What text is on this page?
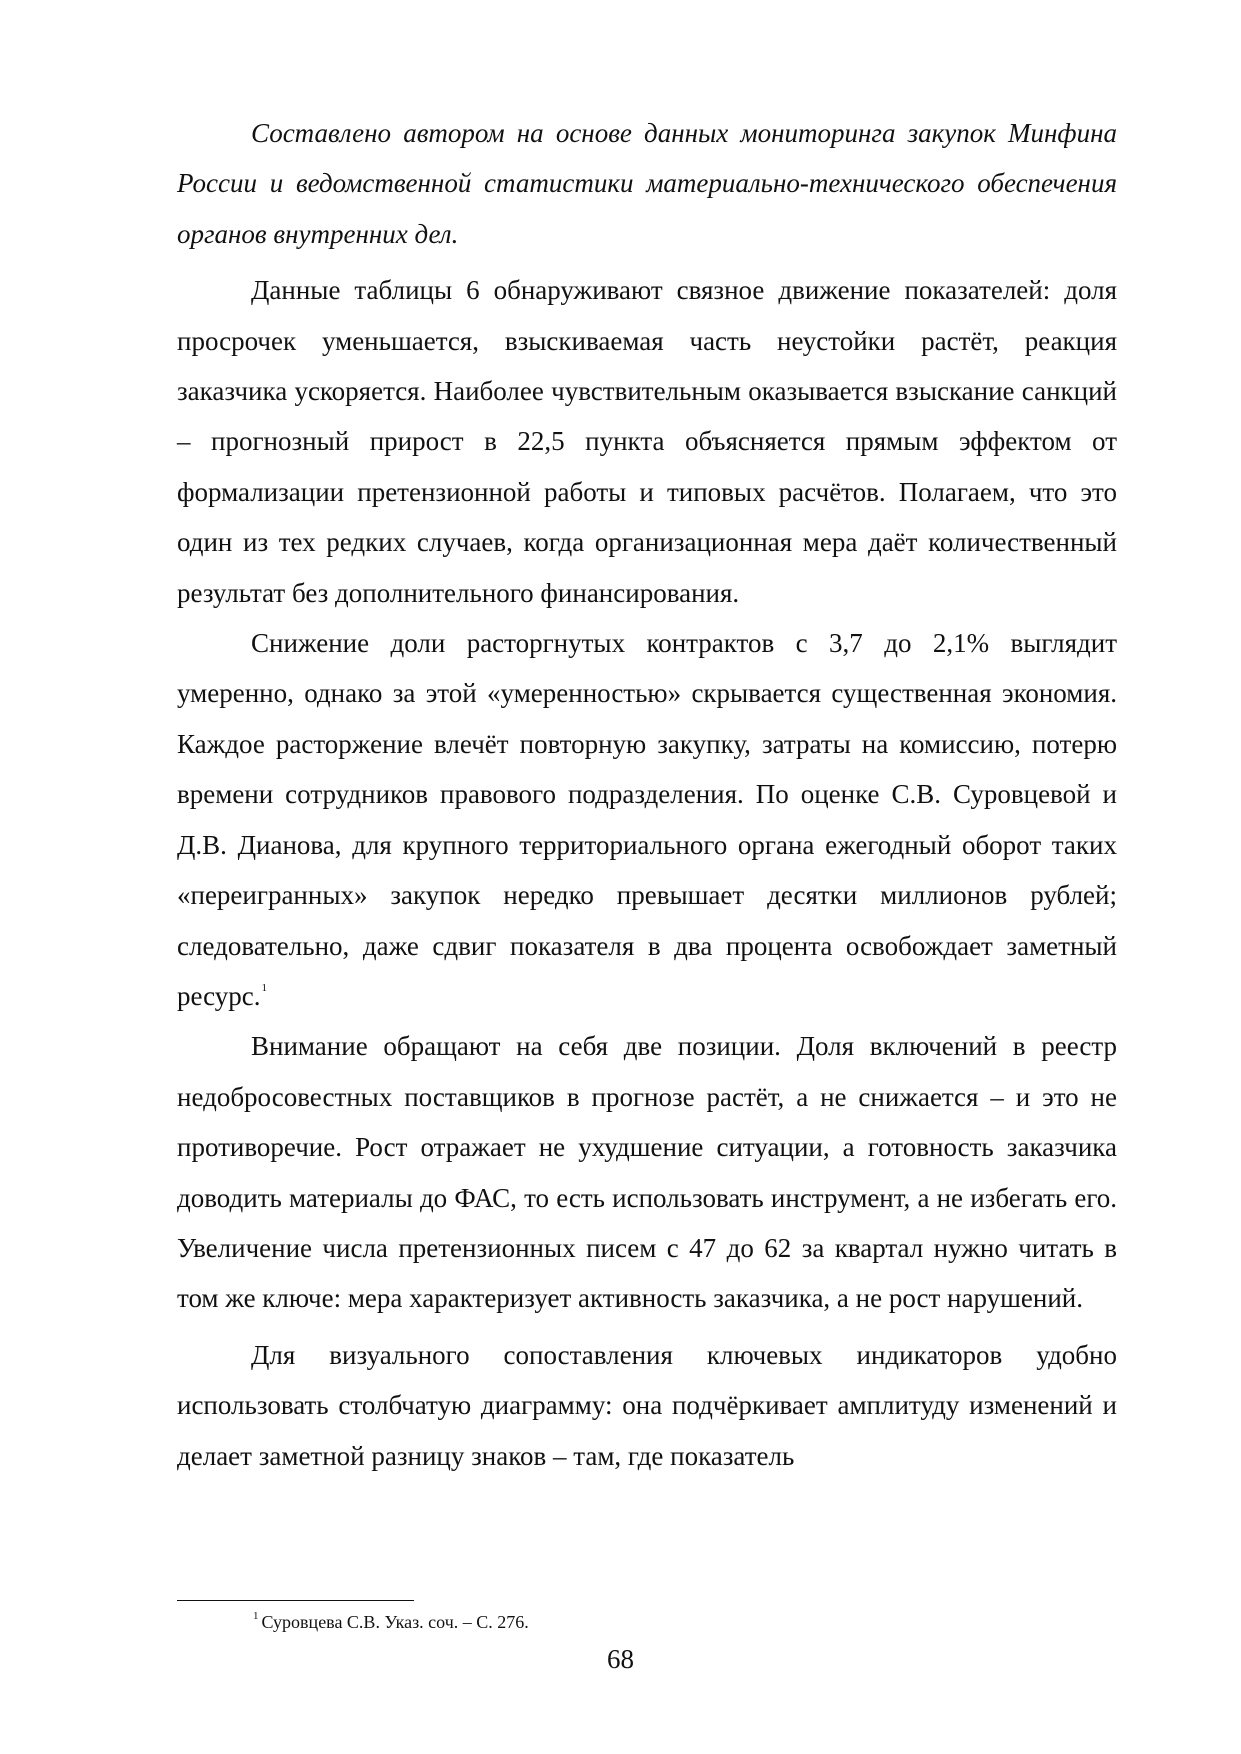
Составлено автором на основе данных мониторинга закупок Минфина России и ведомственной статистики материально-технического обеспечения органов внутренних дел.

Данные таблицы 6 обнаруживают связное движение показателей: доля просрочек уменьшается, взыскиваемая часть неустойки растёт, реакция заказчика ускоряется. Наиболее чувствительным оказывается взыскание санкций – прогнозный прирост в 22,5 пункта объясняется прямым эффектом от формализации претензионной работы и типовых расчётов. Полагаем, что это один из тех редких случаев, когда организационная мера даёт количественный результат без дополнительного финансирования.

Снижение доли расторгнутых контрактов с 3,7 до 2,1% выглядит умеренно, однако за этой «умеренностью» скрывается существенная экономия. Каждое расторжение влечёт повторную закупку, затраты на комиссию, потерю времени сотрудников правового подразделения. По оценке С.В. Суровцевой и Д.В. Дианова, для крупного территориального органа ежегодный оборот таких «переигранных» закупок нередко превышает десятки миллионов рублей; следовательно, даже сдвиг показателя в два процента освобождает заметный ресурс.$^1$

Внимание обращают на себя две позиции. Доля включений в реестр недобросовестных поставщиков в прогнозе растёт, а не снижается – и это не противоречие. Рост отражает не ухудшение ситуации, а готовность заказчика доводить материалы до ФАС, то есть использовать инструмент, а не избегать его. Увеличение числа претензионных писем с 47 до 62 за квартал нужно читать в том же ключе: мера характеризует активность заказчика, а не рост нарушений.

Для визуального сопоставления ключевых индикаторов удобно использовать столбчатую диаграмму: она подчёркивает амплитуду изменений и делает заметной разницу знаков – там, где показатель

$^1$ Суровцева С.В. Указ. соч. – С. 276.

68
